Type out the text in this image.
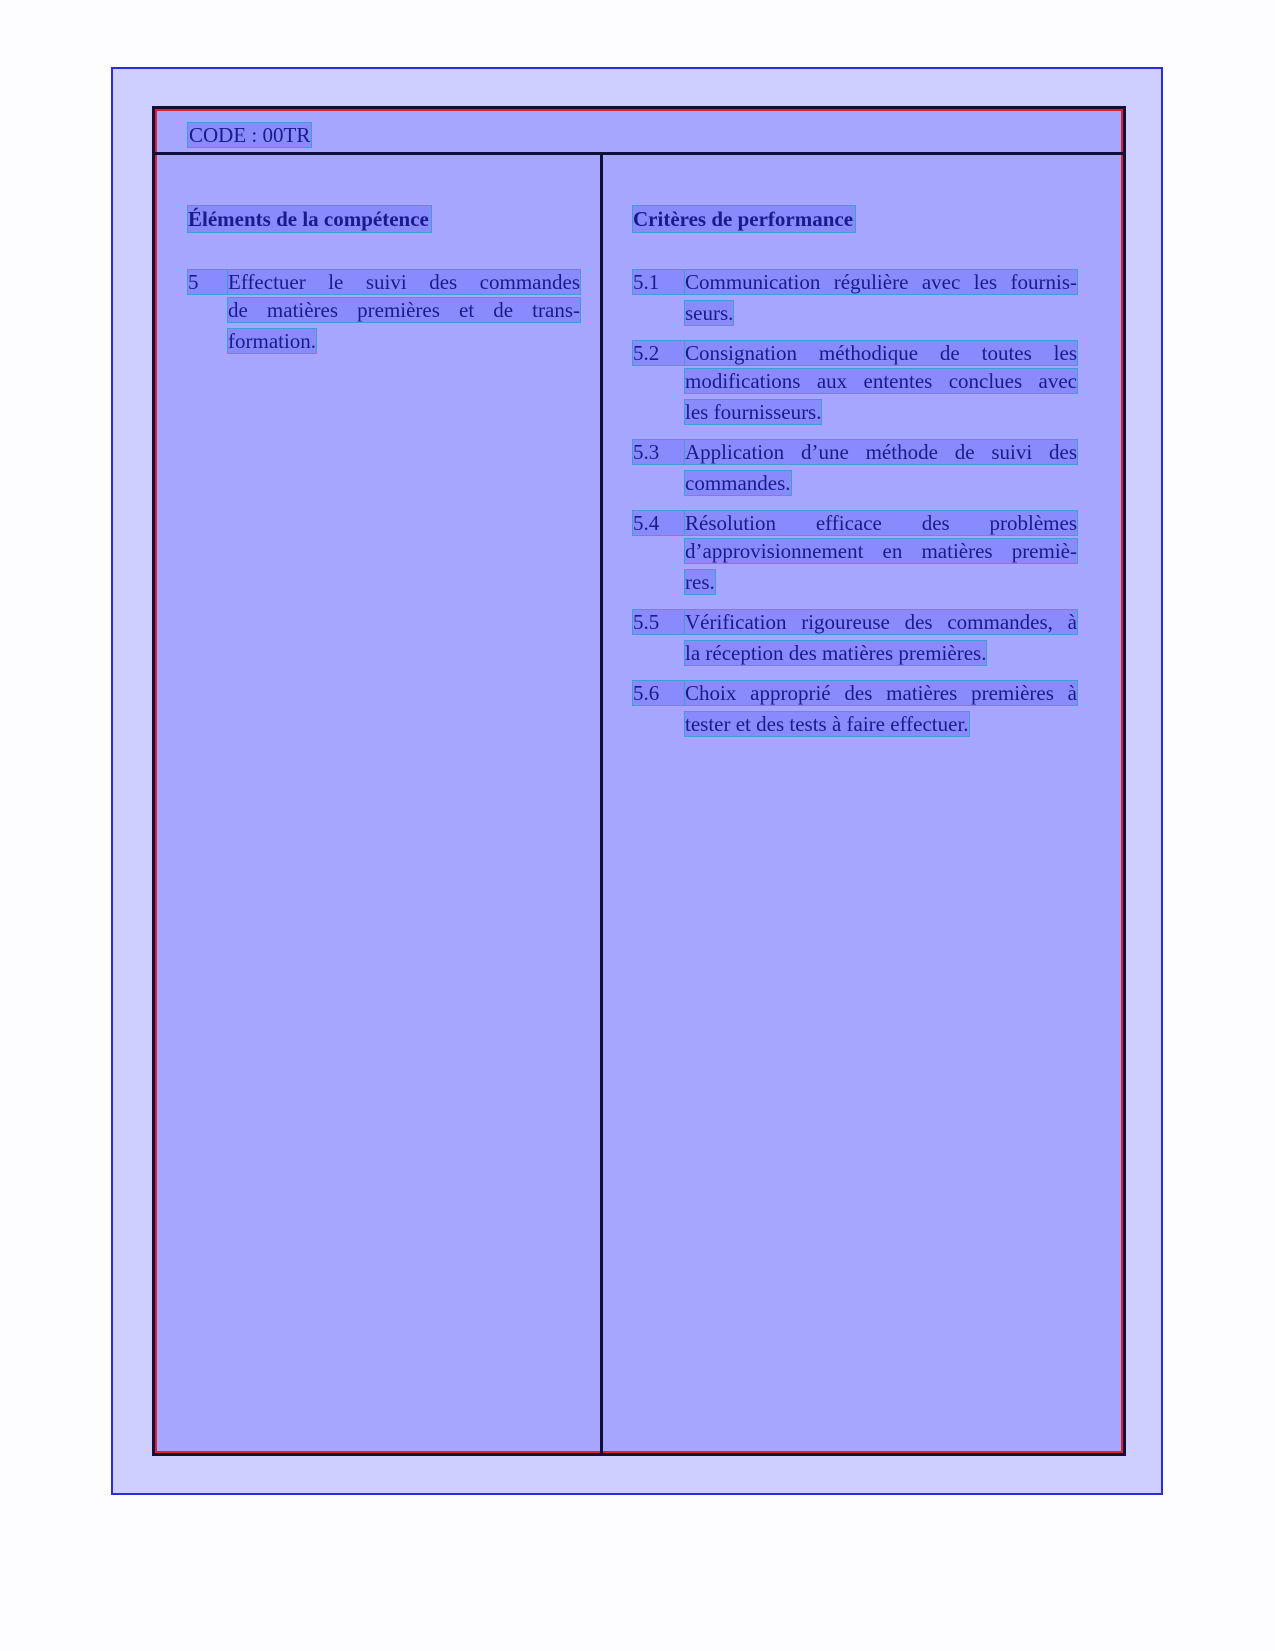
CODE : 00TR
Éléments de la compétence
5	Effectuer le suivi des commandes
de matières premières et de trans-
formation.
Critères de performance
5.1	Communication régulière avec les fournis-
seurs.
5.2	Consignation méthodique de toutes les
modifications aux ententes conclues avec
les fournisseurs.
5.3	Application d’une méthode de suivi des
commandes.
5.4	Résolution efficace des problèmes
d’approvisionnement en matières premiè-
res.
5.5	Vérification rigoureuse des commandes, à
la réception des matières premières.
5.6	Choix approprié des matières premières à
tester et des tests à faire effectuer.
